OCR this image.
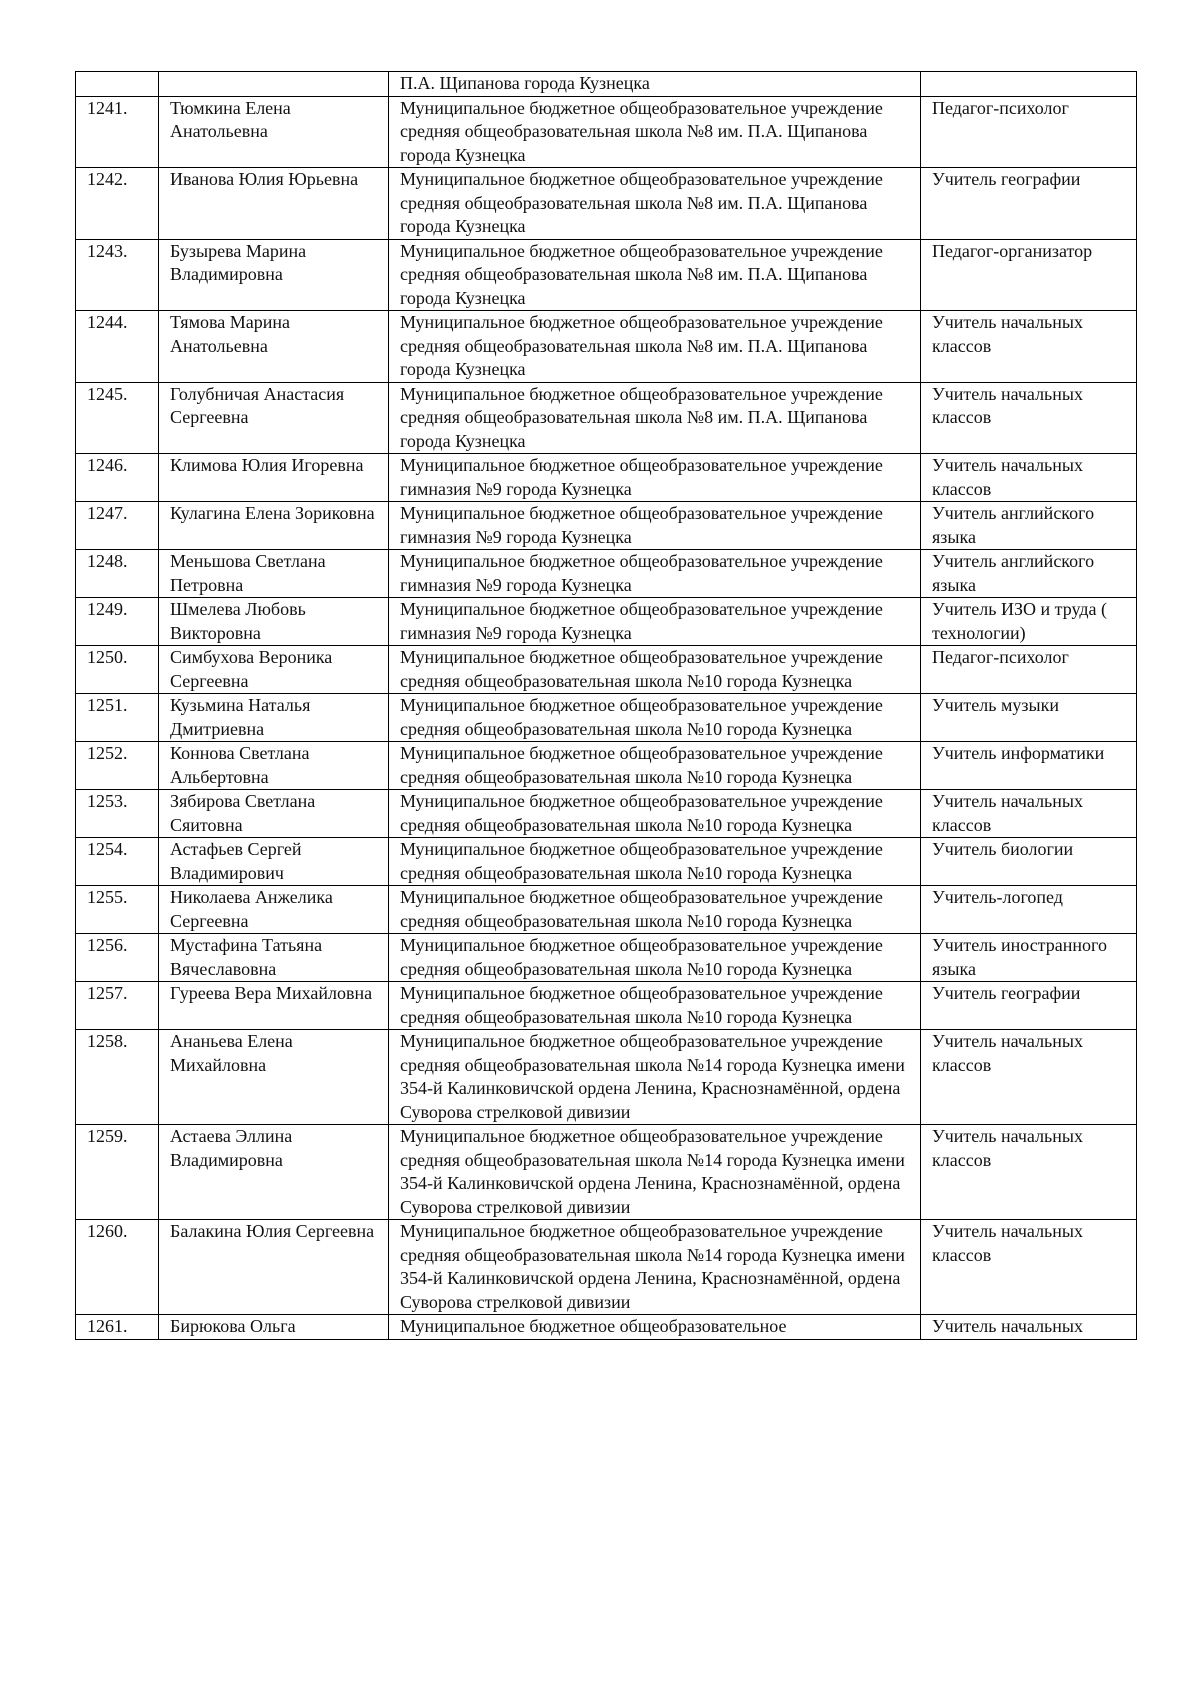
		П.А. Щипанова города Кузнецка	
1241.	Тюмкина Елена Анатольевна	Муниципальное бюджетное общеобразовательное учреждение средняя общеобразовательная школа №8 им. П.А. Щипанова города Кузнецка	Педагог-психолог
1242.	Иванова Юлия Юрьевна	Муниципальное бюджетное общеобразовательное учреждение средняя общеобразовательная школа №8 им. П.А. Щипанова города Кузнецка	Учитель географии
1243.	Бузырева Марина Владимировна	Муниципальное бюджетное общеобразовательное учреждение средняя общеобразовательная школа №8 им. П.А. Щипанова города Кузнецка	Педагог-организатор
1244.	Тямова Марина Анатольевна	Муниципальное бюджетное общеобразовательное учреждение средняя общеобразовательная школа №8 им. П.А. Щипанова города Кузнецка	Учитель начальных классов
1245.	Голубничая Анастасия Сергеевна	Муниципальное бюджетное общеобразовательное учреждение средняя общеобразовательная школа №8 им. П.А. Щипанова города Кузнецка	Учитель начальных классов
1246.	Климова Юлия Игоревна	Муниципальное бюджетное общеобразовательное учреждение гимназия №9 города Кузнецка	Учитель начальных классов
1247.	Кулагина Елена Зориковна	Муниципальное бюджетное общеобразовательное учреждение гимназия №9 города Кузнецка	Учитель английского языка
1248.	Меньшова Светлана Петровна	Муниципальное бюджетное общеобразовательное учреждение гимназия №9 города Кузнецка	Учитель английского языка
1249.	Шмелева Любовь Викторовна	Муниципальное бюджетное общеобразовательное учреждение гимназия №9 города Кузнецка	Учитель ИЗО и труда ( технологии)
1250.	Симбухова Вероника Сергеевна	Муниципальное бюджетное общеобразовательное учреждение средняя общеобразовательная школа №10 города Кузнецка	Педагог-психолог
1251.	Кузьмина Наталья Дмитриевна	Муниципальное бюджетное общеобразовательное учреждение средняя общеобразовательная школа №10 города Кузнецка	Учитель музыки
1252.	Коннова Светлана Альбертовна	Муниципальное бюджетное общеобразовательное учреждение средняя общеобразовательная школа №10 города Кузнецка	Учитель информатики
1253.	Зябирова Светлана Сяитовна	Муниципальное бюджетное общеобразовательное учреждение средняя общеобразовательная школа №10 города Кузнецка	Учитель начальных классов
1254.	Астафьев Сергей Владимирович	Муниципальное бюджетное общеобразовательное учреждение средняя общеобразовательная школа №10 города Кузнецка	Учитель биологии
1255.	Николаева Анжелика Сергеевна	Муниципальное бюджетное общеобразовательное учреждение средняя общеобразовательная школа №10 города Кузнецка	Учитель-логопед
1256.	Мустафина Татьяна Вячеславовна	Муниципальное бюджетное общеобразовательное учреждение средняя общеобразовательная школа №10 города Кузнецка	Учитель иностранного языка
1257.	Гуреева Вера Михайловна	Муниципальное бюджетное общеобразовательное учреждение средняя общеобразовательная школа №10 города Кузнецка	Учитель географии
1258.	Ананьева Елена Михайловна	Муниципальное бюджетное общеобразовательное учреждение средняя общеобразовательная школа №14 города Кузнецка имени 354-й Калинковичской ордена Ленина, Краснознамённой, ордена Суворова стрелковой дивизии	Учитель начальных классов
1259.	Астаева Эллина Владимировна	Муниципальное бюджетное общеобразовательное учреждение средняя общеобразовательная школа №14 города Кузнецка имени 354-й Калинковичской ордена Ленина, Краснознамённой, ордена Суворова стрелковой дивизии	Учитель начальных классов
1260.	Балакина Юлия Сергеевна	Муниципальное бюджетное общеобразовательное учреждение средняя общеобразовательная школа №14 города Кузнецка имени 354-й Калинковичской ордена Ленина, Краснознамённой, ордена Суворова стрелковой дивизии	Учитель начальных классов
1261.	Бирюкова Ольга	Муниципальное бюджетное общеобразовательное	Учитель начальных
